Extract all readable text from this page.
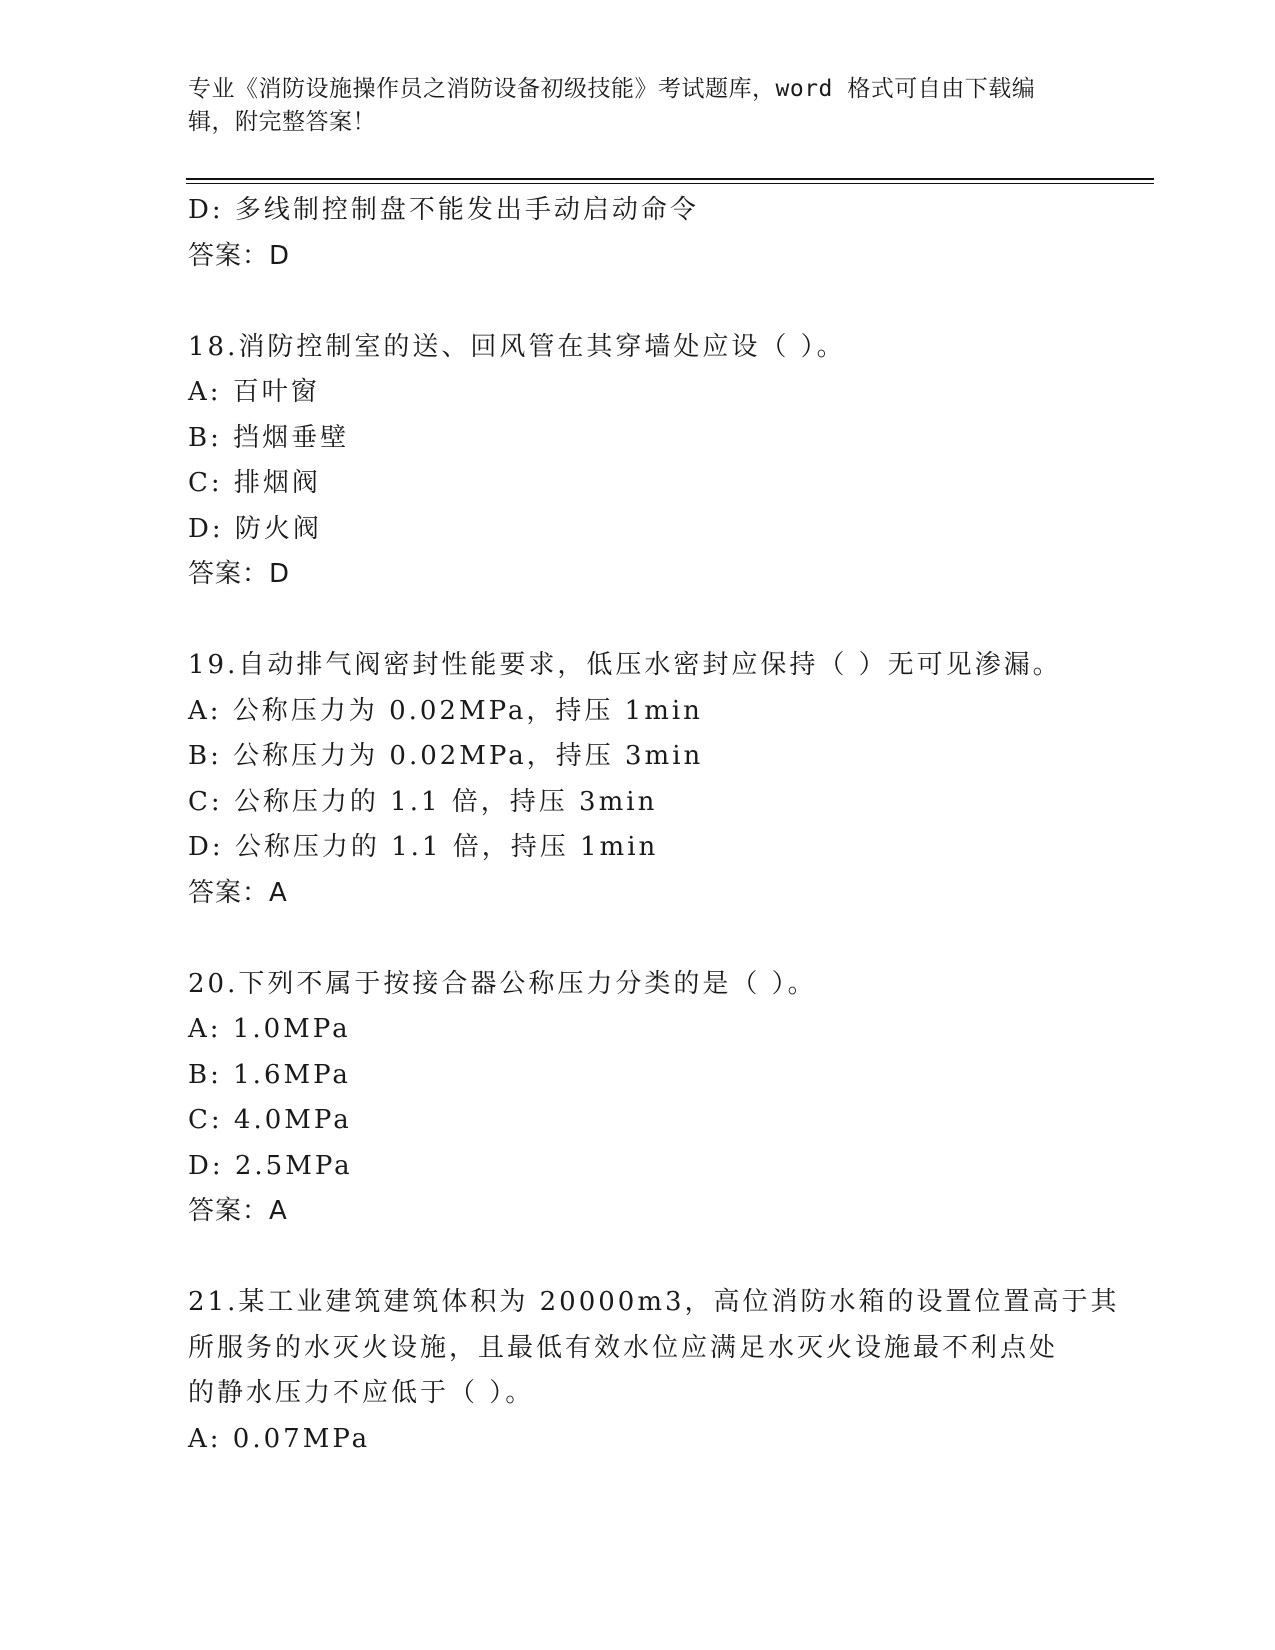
专业《消防设施操作员之消防设备初级技能》考试题库，word 格式可自由下载编辑，附完整答案！
D: 多线制控制盘不能发出手动启动命令
答案：D
18.消防控制室的送、回风管在其穿墙处应设（ ）。
A: 百叶窗
B: 挡烟垂壁
C: 排烟阀
D: 防火阀
答案：D
19.自动排气阀密封性能要求，低压水密封应保持（ ）无可见渗漏。
A: 公称压力为 0.02MPa，持压 1min
B: 公称压力为 0.02MPa，持压 3min
C: 公称压力的 1.1 倍，持压 3min
D: 公称压力的 1.1 倍，持压 1min
答案：A
20.下列不属于按接合器公称压力分类的是（ ）。
A: 1.0MPa
B: 1.6MPa
C: 4.0MPa
D: 2.5MPa
答案：A
21.某工业建筑建筑体积为 20000m3，高位消防水箱的设置位置高于其
所服务的水灭火设施，且最低有效水位应满足水灭火设施最不利点处
的静水压力不应低于（ ）。
A: 0.07MPa
